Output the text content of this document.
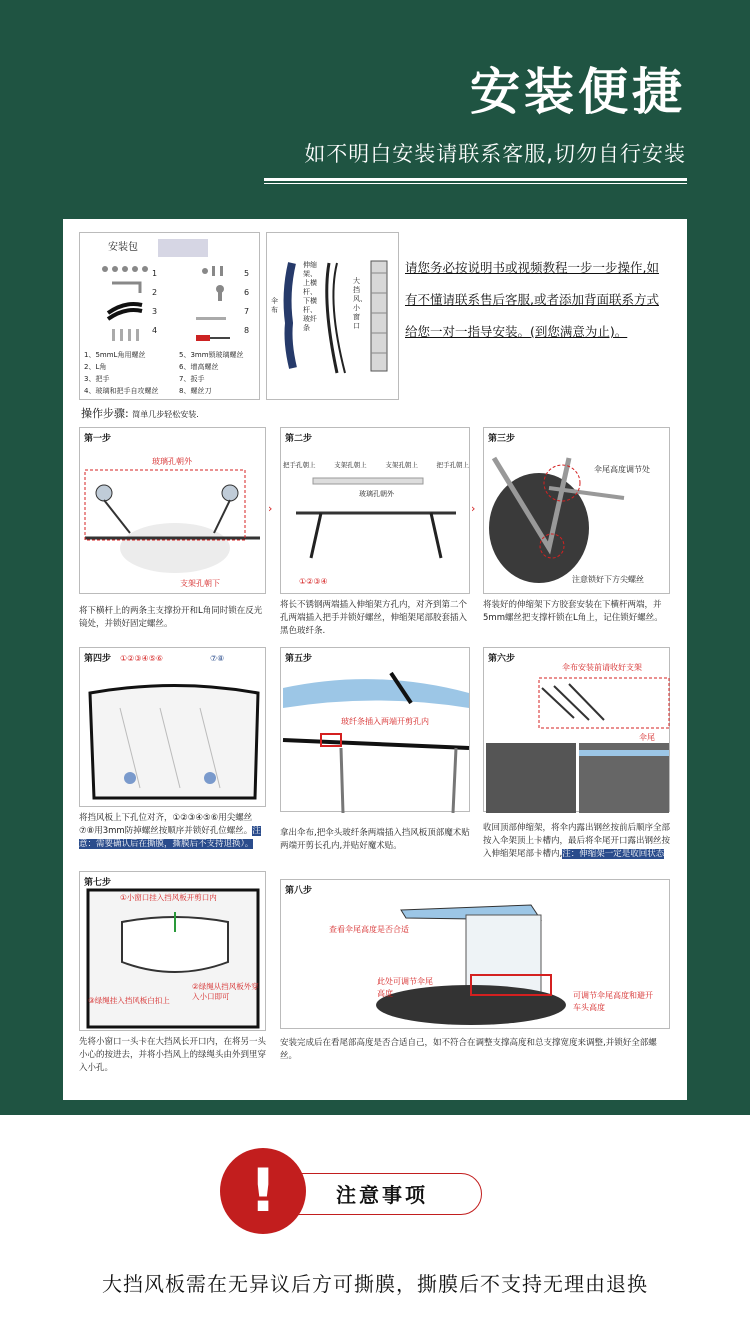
安装便捷
如不明白安装请联系客服,切勿自行安装
安装包
1
2
3
4
5
6
7
8
1、5mmL角用螺丝
2、L角
3、把手
4、玻璃和把手自攻螺丝
5、3mm锁玻璃螺丝
6、增高螺丝
7、扳手
8、螺丝刀
伞布
伸缩架、上横杆、下横杆、玻纤条
大挡风、小窗口
请您务必按说明书或视频教程一步一步操作,如有不懂请联系售后客服,或者添加背面联系方式给您一对一指导安装。(到您满意为止)。
操作步骤: 简单几步轻松安装.
第一步
玻璃孔朝外
支架孔朝下
›
将下横杆上的两条主支撑扮开和L角同时锁在反光镜处，并锁好固定螺丝。
第二步
把手孔朝上	支架孔朝上	支架孔朝上	把手孔朝上
玻璃孔朝外
①②③④
›
将长不锈钢两端插入伸缩架方孔内，对齐到第二个孔两端插入把手并锁好螺丝，伸缩架尾部胶套插入黑色玻纤条.
第三步
伞尾高度调节处
注意锁好下方尖螺丝
将装好的伸缩架下方胶套安装在下横杆两端，并5mm螺丝把支撑杆锁在L角上，记住锁好螺丝。
第四步 ①②③④⑤⑥	⑦⑧
将挡风板上下孔位对齐，①②③④⑤⑥用尖螺丝⑦⑧用3mm防掉螺丝按顺序并锁好孔位螺丝。注意：需要确认后在撕膜，撕膜后不支持退换）。
第五步
玻纤条插入两端开剪孔内
拿出伞布,把伞头玻纤条两端插入挡风板顶部魔术贴两端开剪长孔内,并贴好魔术贴。
第六步
伞布安装前请收好支架
伞尾
收回顶部伸缩架，将伞内露出钢丝按前后顺序全部按入伞架顶上卡槽内，最后将伞尾开口露出钢丝按入伸缩架尾部卡槽内,注：伸缩架一定是收回状态
第七步
①小窗口挂入挡风板开剪口内
②绿绳从挡风板外穿入小口即可
③绿绳挂入挡风板白扣上
先将小窗口一头卡在大挡风长开口内，在将另一头小心的按进去，并将小挡风上的绿绳头由外到里穿入小孔。
第八步
查看伞尾高度是否合适
此处可调节伞尾高度	可调节伞尾高度和避开车头高度
安装完成后在看尾部高度是否合适自己，如不符合在调整支撑高度和总支撑宽度来调整,并锁好全部螺丝。
注意事项
!
大挡风板需在无异议后方可撕膜，撕膜后不支持无理由退换
